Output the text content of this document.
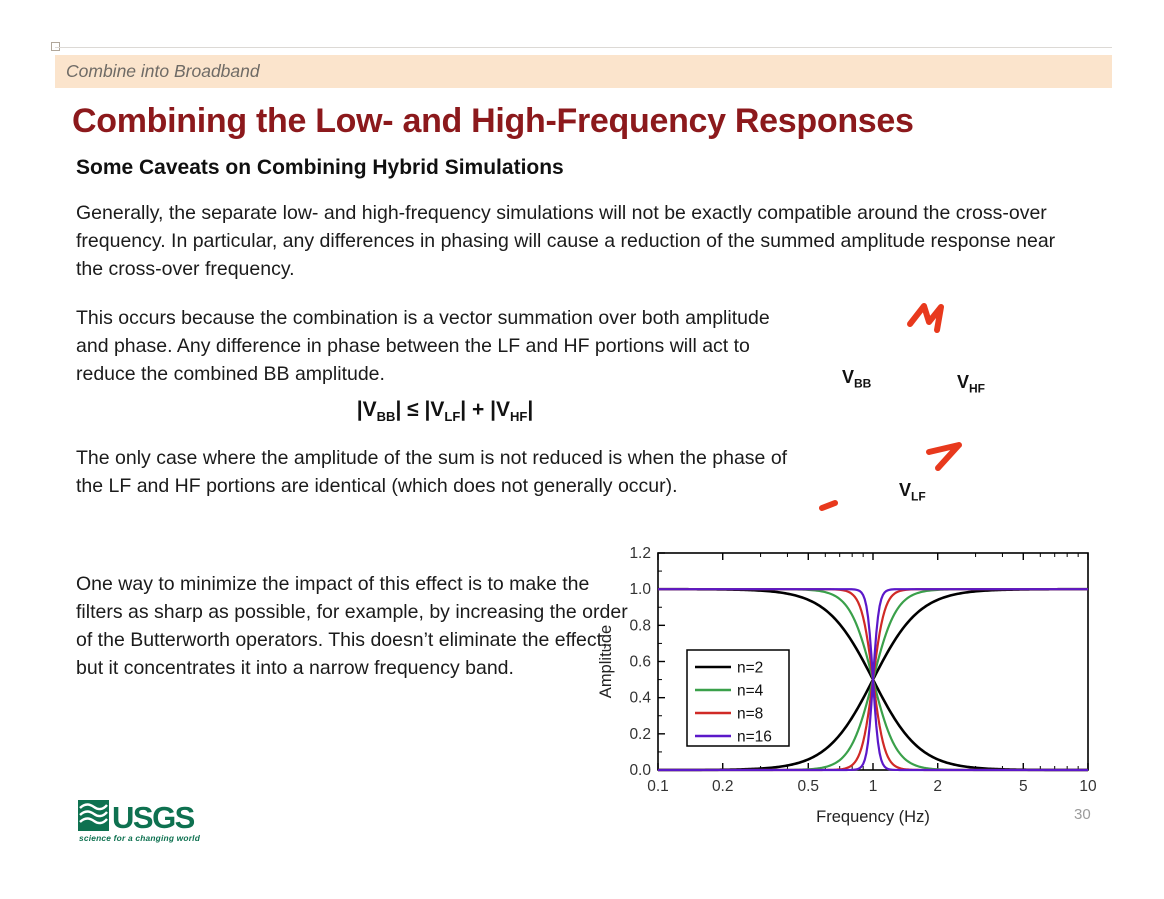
Combine into Broadband
Combining the Low- and High-Frequency Responses
Some Caveats on Combining Hybrid Simulations
Generally, the separate low- and high-frequency simulations will not be exactly compatible around the cross-over frequency. In particular, any differences in phasing will cause a reduction of the summed amplitude response near the cross-over frequency.
This occurs because the combination is a vector summation over both amplitude and phase. Any difference in phase between the LF and HF portions will act to reduce the combined BB amplitude.
$|V_{BB}| \le |V_{LF}| + |V_{HF}|$
The only case where the amplitude of the sum is not reduced is when the phase of the LF and HF portions are identical (which does not generally occur).
One way to minimize the impact of this effect is to make the filters as sharp as possible, for example, by increasing the order of the Butterworth operators. This doesn’t eliminate the effect, but it concentrates it into a narrow frequency band.
$V_{BB}$	$V_{HF}$
$V_{LF}$
0.1	0.2	0.5	1	2	5	10
0.0
0.2
0.4
0.6
0.8
1.0
1.2
n=2
n=4
n=8
n=16
Frequency (Hz)
Amplitude
USGS
science for a changing world
30
